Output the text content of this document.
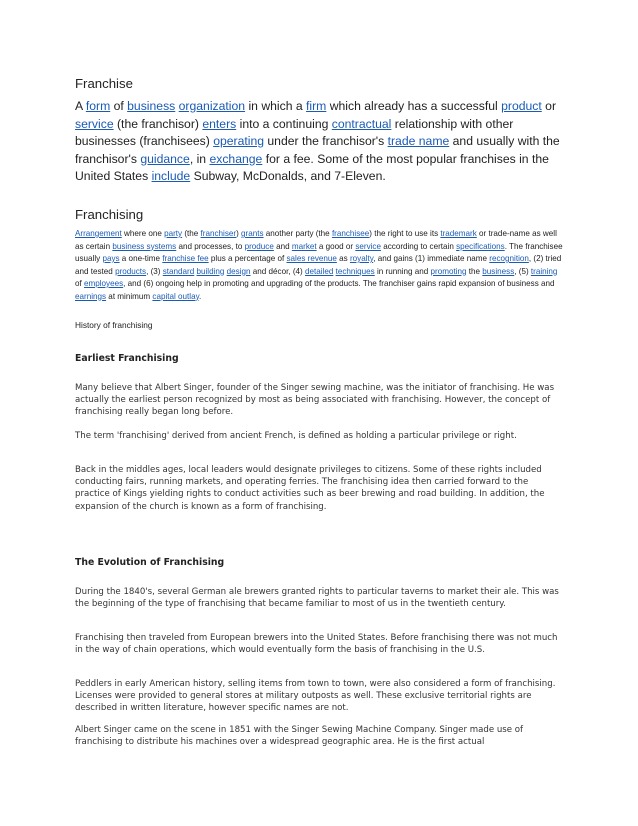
Franchise
A form of business organization in which a firm which already has a successful product or service (the franchisor) enters into a continuing contractual relationship with other businesses (franchisees) operating under the franchisor's trade name and usually with the franchisor's guidance, in exchange for a fee. Some of the most popular franchises in the United States include Subway, McDonalds, and 7-Eleven.
Franchising
Arrangement where one party (the franchiser) grants another party (the franchisee) the right to use its trademark or trade-name as well as certain business systems and processes, to produce and market a good or service according to certain specifications. The franchisee usually pays a one-time franchise fee plus a percentage of sales revenue as royalty, and gains (1) immediate name recognition, (2) tried and tested products, (3) standard building design and décor, (4) detailed techniques in running and promoting the business, (5) training of employees, and (6) ongoing help in promoting and upgrading of the products. The franchiser gains rapid expansion of business and earnings at minimum capital outlay.
History of franchising
Earliest Franchising
Many believe that Albert Singer, founder of the Singer sewing machine, was the initiator of franchising. He was actually the earliest person recognized by most as being associated with franchising. However, the concept of franchising really began long before.
The term 'franchising' derived from ancient French, is defined as holding a particular privilege or right.
Back in the middles ages, local leaders would designate privileges to citizens. Some of these rights included conducting fairs, running markets, and operating ferries. The franchising idea then carried forward to the practice of Kings yielding rights to conduct activities such as beer brewing and road building. In addition, the expansion of the church is known as a form of franchising.
The Evolution of Franchising
During the 1840's, several German ale brewers granted rights to particular taverns to market their ale. This was the beginning of the type of franchising that became familiar to most of us in the twentieth century.
Franchising then traveled from European brewers into the United States. Before franchising there was not much in the way of chain operations, which would eventually form the basis of franchising in the U.S.
Peddlers in early American history, selling items from town to town, were also considered a form of franchising. Licenses were provided to general stores at military outposts as well. These exclusive territorial rights are described in written literature, however specific names are not.
Albert Singer came on the scene in 1851 with the Singer Sewing Machine Company. Singer made use of franchising to distribute his machines over a widespread geographic area. He is the first actual
